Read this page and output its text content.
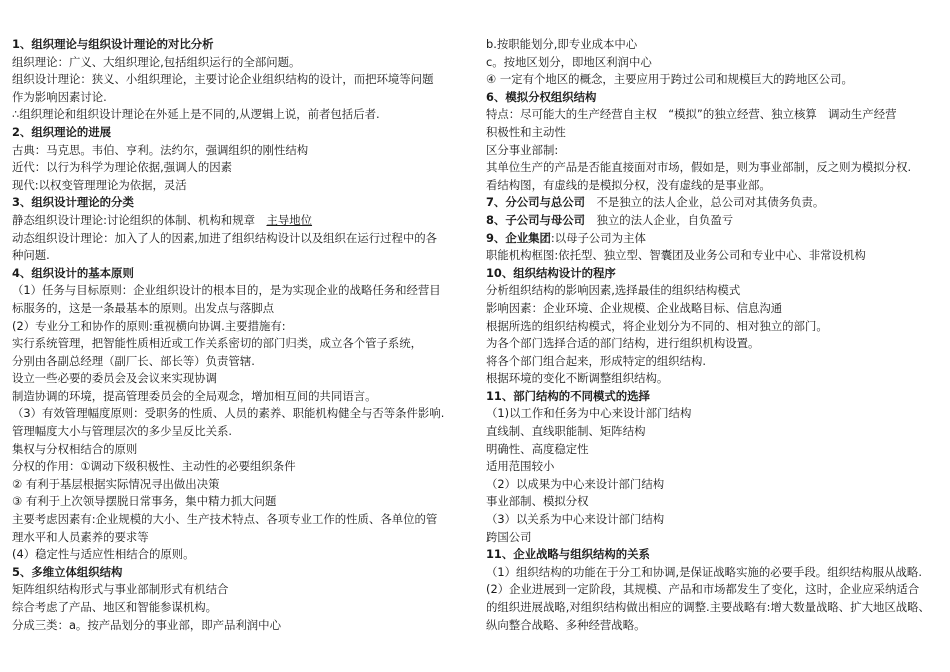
1、组织理论与组织设计理论的对比分析
组织理论：广义、大组织理论,包括组织运行的全部问题。
组织设计理论：狭义、小组织理论，主要讨论企业组织结构的设计，而把环境等问题
作为影响因素讨论.
∴组织理论和组织设计理论在外延上是不同的,从逻辑上说，前者包括后者.
2、组织理论的进展
古典：马克思。韦伯、亨利。法约尔，强调组织的刚性结构
近代：以行为科学为理论依据,强调人的因素
现代:以权变管理理论为依据，灵活
3、组织设计理论的分类
静态组织设计理论:讨论组织的体制、机构和规章　 主导地位
动态组织设计理论：加入了人的因素,加进了组织结构设计以及组织在运行过程中的各
种问题.
4、组织设计的基本原则
（1）任务与目标原则：企业组织设计的根本目的，是为实现企业的战略任务和经营目
标服务的，这是一条最基本的原则。出发点与落脚点
(2）专业分工和协作的原则:重视横向协调.主要措施有:
实行系统管理，把智能性质相近或工作关系密切的部门归类，成立各个管子系统，
分别由各副总经理（副厂长、部长等）负责管辖.
设立一些必要的委员会及会议来实现协调
制造协调的环境，提高管理委员会的全局观念，增加相互间的共同语言。
（3）有效管理幅度原则：受职务的性质、人员的素养、职能机构健全与否等条件影响.
管理幅度大小与管理层次的多少呈反比关系.
集权与分权相结合的原则
分权的作用：①调动下级积极性、主动性的必要组织条件
② 有利于基层根据实际情况寻出做出决策
③ 有利于上次领导摆脱日常事务，集中精力抓大问题
主要考虑因素有:企业规模的大小、生产技术特点、各项专业工作的性质、各单位的管
理水平和人员素养的要求等
(4）稳定性与适应性相结合的原则。
5、多维立体组织结构
矩阵组织结构形式与事业部制形式有机结合
综合考虑了产品、地区和智能参谋机构。
分成三类：a。按产品划分的事业部，即产品利润中心
b.按职能划分,即专业成本中心
c。按地区划分，即地区利润中心
④ 一定有个地区的概念，主要应用于跨过公司和规模巨大的跨地区公司。
6、模拟分权组织结构
特点：尽可能大的生产经营自主权　“模拟”的独立经营、独立核算　调动生产经营
积极性和主动性
区分事业部制:
其单位生产的产品是否能直接面对市场，假如是，则为事业部制，反之则为模拟分权.
看结构图，有虚线的是模拟分权，没有虚线的是事业部。
7、分公司与总公司　不是独立的法人企业，总公司对其债务负责。
8、子公司与母公司　独立的法人企业，自负盈亏
9、企业集团:以母子公司为主体
职能机构框图:依托型、独立型、智囊团及业务公司和专业中心、非常设机构
10、组织结构设计的程序
分析组织结构的影响因素,选择最佳的组织结构模式
影响因素：企业环境、企业规模、企业战略目标、信息沟通
根据所选的组织结构模式，将企业划分为不同的、相对独立的部门。
为各个部门选择合适的部门结构，进行组织机构设置。
将各个部门组合起来，形成特定的组织结构.
根据环境的变化不断调整组织结构。
11、部门结构的不同模式的选择
（1)以工作和任务为中心来设计部门结构
直线制、直线职能制、矩阵结构
明确性、高度稳定性
适用范围较小
（2）以成果为中心来设计部门结构
事业部制、模拟分权
（3）以关系为中心来设计部门结构
跨国公司
11、企业战略与组织结构的关系
（1）组织结构的功能在于分工和协调,是保证战略实施的必要手段。组织结构服从战略.
(2）企业进展到一定阶段，其规模、产品和市场都发生了变化，这时，企业应采纳适合
的组织进展战略,对组织结构做出相应的调整.主要战略有:增大数量战略、扩大地区战略、
纵向整合战略、多种经营战略。
